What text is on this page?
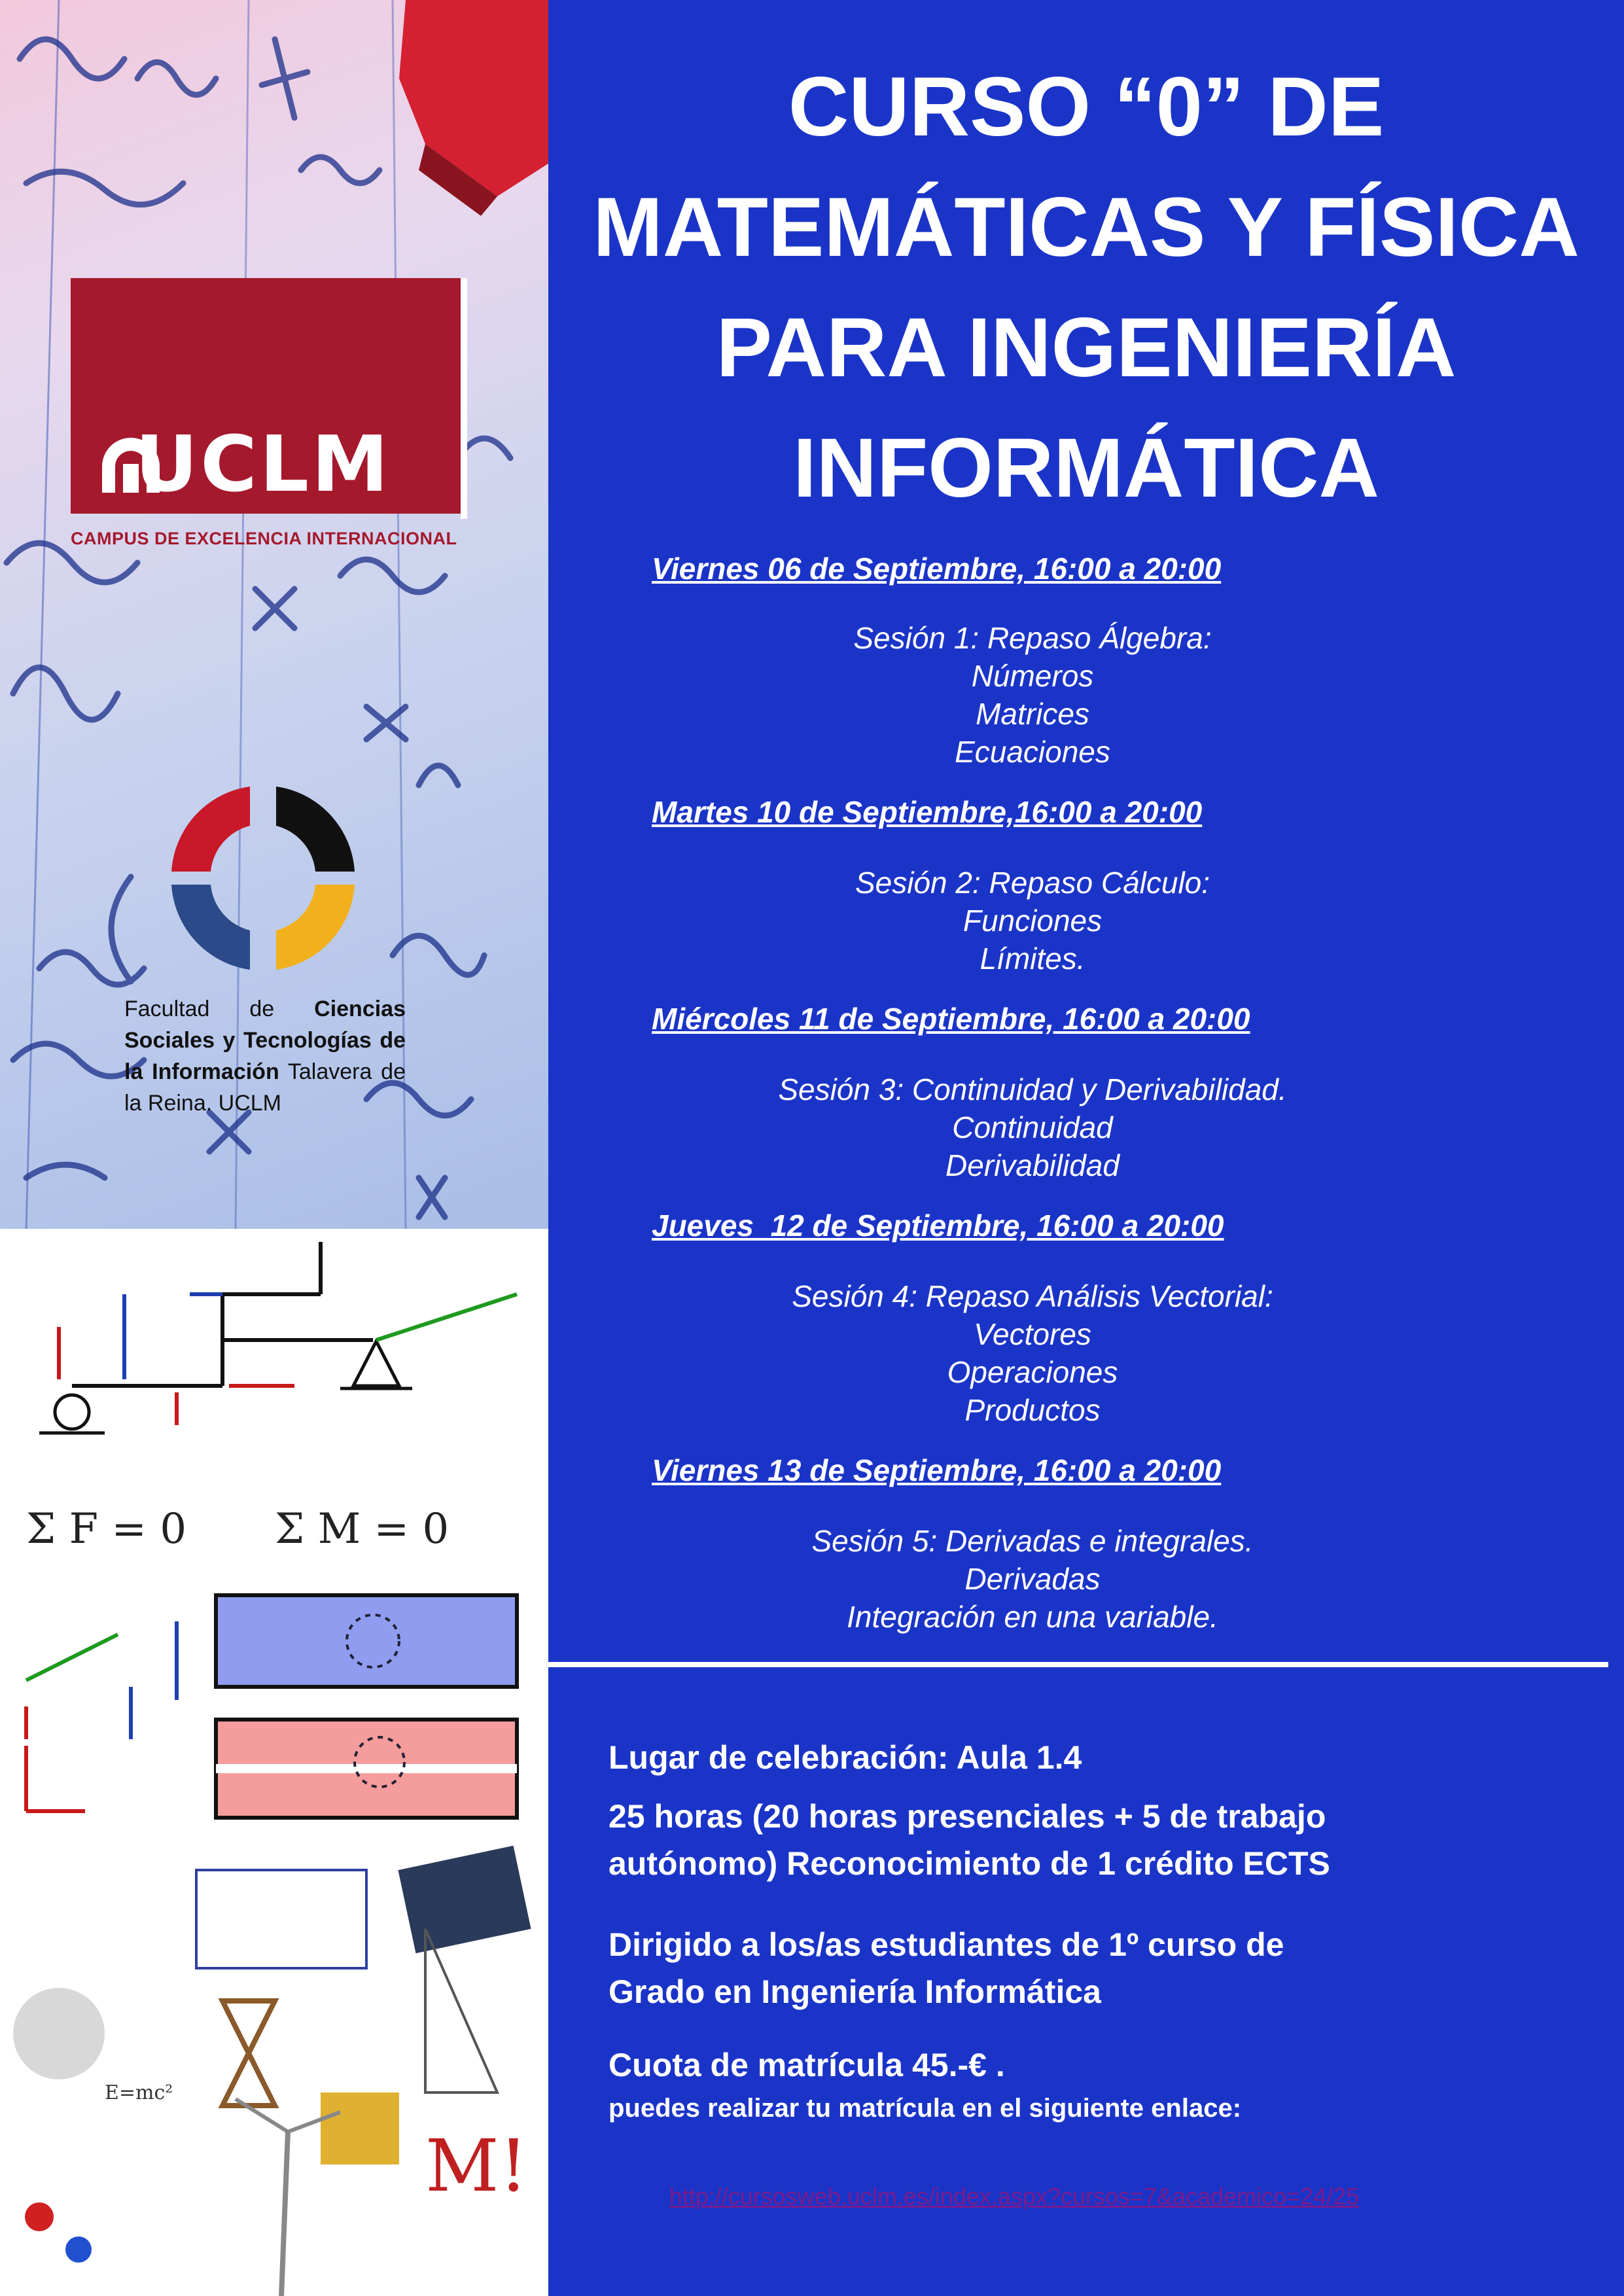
UCLM
CAMPUS DE EXCELENCIA INTERNACIONAL
Facultad de Ciencias Sociales y Tecnologías de la Información Talavera de la Reina. UCLM
Σ F = 0 Σ M = 0
E=mc²
M!
CURSO “0” DE
MATEMÁTICAS Y FÍSICA
PARA INGENIERÍA
INFORMÁTICA
Viernes 06 de Septiembre, 16:00 a 20:00
Sesión 1: Repaso Álgebra:
Números
Matrices
Ecuaciones
Martes 10 de Septiembre,16:00 a 20:00
Sesión 2: Repaso Cálculo:
Funciones
Límites.
Miércoles 11 de Septiembre, 16:00 a 20:00
Sesión 3: Continuidad y Derivabilidad.
Continuidad
Derivabilidad
Jueves  12 de Septiembre, 16:00 a 20:00
Sesión 4: Repaso Análisis Vectorial:
Vectores
Operaciones
Productos
Viernes 13 de Septiembre, 16:00 a 20:00
Sesión 5: Derivadas e integrales.
Derivadas
Integración en una variable.

Lugar de celebración: Aula 1.4

25 horas (20 horas presenciales + 5 de trabajo

autónomo) Reconocimiento de 1 crédito ECTS

Dirigido a los/as estudiantes de 1º curso de

Grado en Ingeniería Informática

Cuota de matrícula 45.-€ .

puedes realizar tu matrícula en el siguiente enlace:

http://cursosweb.uclm.es/index.aspx?cursos=7&academico=24/25
